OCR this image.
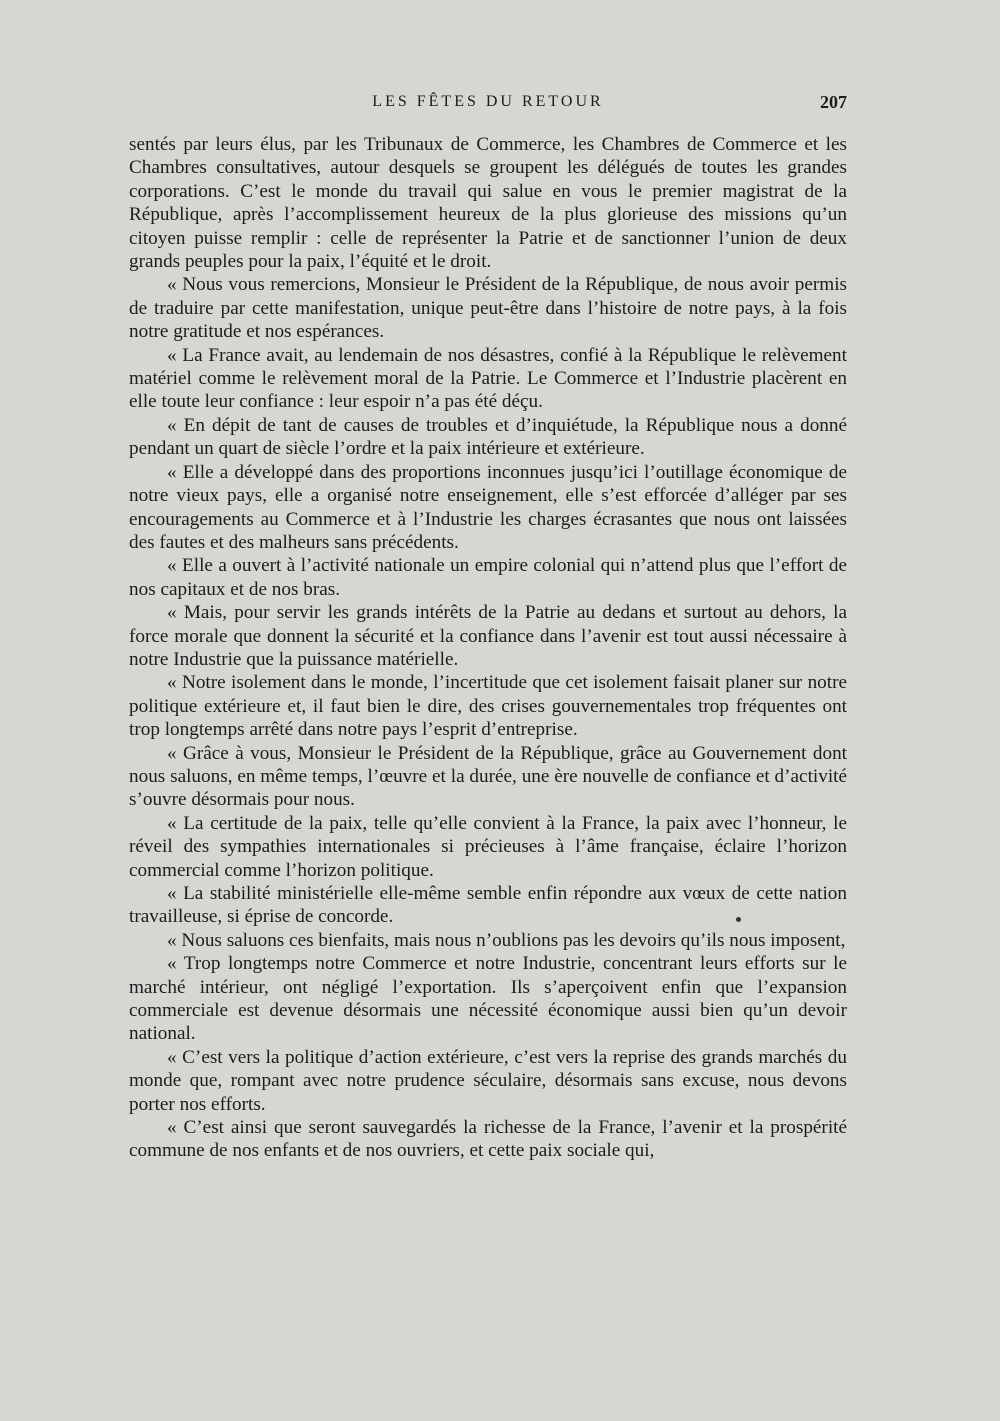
LES FÊTES DU RETOUR	207

sentés par leurs élus, par les Tribunaux de Commerce, les Chambres de Commerce et les Chambres consultatives, autour desquels se groupent les délégués de toutes les grandes corporations. C’est le monde du travail qui salue en vous le premier magistrat de la République, après l’accomplissement heureux de la plus glorieuse des missions qu’un citoyen puisse remplir : celle de représenter la Patrie et de sanctionner l’union de deux grands peuples pour la paix, l’équité et le droit.

« Nous vous remercions, Monsieur le Président de la République, de nous avoir permis de traduire par cette manifestation, unique peut-être dans l’histoire de notre pays, à la fois notre gratitude et nos espérances.

« La France avait, au lendemain de nos désastres, confié à la République le relèvement matériel comme le relèvement moral de la Patrie. Le Commerce et l’Industrie placèrent en elle toute leur confiance : leur espoir n’a pas été déçu.

« En dépit de tant de causes de troubles et d’inquiétude, la République nous a donné pendant un quart de siècle l’ordre et la paix intérieure et extérieure.

« Elle a développé dans des proportions inconnues jusqu’ici l’outillage économique de notre vieux pays, elle a organisé notre enseignement, elle s’est efforcée d’alléger par ses encouragements au Commerce et à l’Industrie les charges écrasantes que nous ont laissées des fautes et des malheurs sans précédents.

« Elle a ouvert à l’activité nationale un empire colonial qui n’attend plus que l’effort de nos capitaux et de nos bras.

« Mais, pour servir les grands intérêts de la Patrie au dedans et surtout au dehors, la force morale que donnent la sécurité et la confiance dans l’avenir est tout aussi nécessaire à notre Industrie que la puissance matérielle.

« Notre isolement dans le monde, l’incertitude que cet isolement faisait planer sur notre politique extérieure et, il faut bien le dire, des crises gouvernementales trop fréquentes ont trop longtemps arrêté dans notre pays l’esprit d’entreprise.

« Grâce à vous, Monsieur le Président de la République, grâce au Gouvernement dont nous saluons, en même temps, l’œuvre et la durée, une ère nouvelle de confiance et d’activité s’ouvre désormais pour nous.

« La certitude de la paix, telle qu’elle convient à la France, la paix avec l’honneur, le réveil des sympathies internationales si précieuses à l’âme française, éclaire l’horizon commercial comme l’horizon politique.

« La stabilité ministérielle elle-même semble enfin répondre aux vœux de cette nation travailleuse, si éprise de concorde.

« Nous saluons ces bienfaits, mais nous n’oublions pas les devoirs qu’ils nous imposent,

« Trop longtemps notre Commerce et notre Industrie, concentrant leurs efforts sur le marché intérieur, ont négligé l’exportation. Ils s’aperçoivent enfin que l’expansion commerciale est devenue désormais une nécessité économique aussi bien qu’un devoir national.

« C’est vers la politique d’action extérieure, c’est vers la reprise des grands marchés du monde que, rompant avec notre prudence séculaire, désormais sans excuse, nous devons porter nos efforts.

« C’est ainsi que seront sauvegardés la richesse de la France, l’avenir et la prospérité commune de nos enfants et de nos ouvriers, et cette paix sociale qui,
